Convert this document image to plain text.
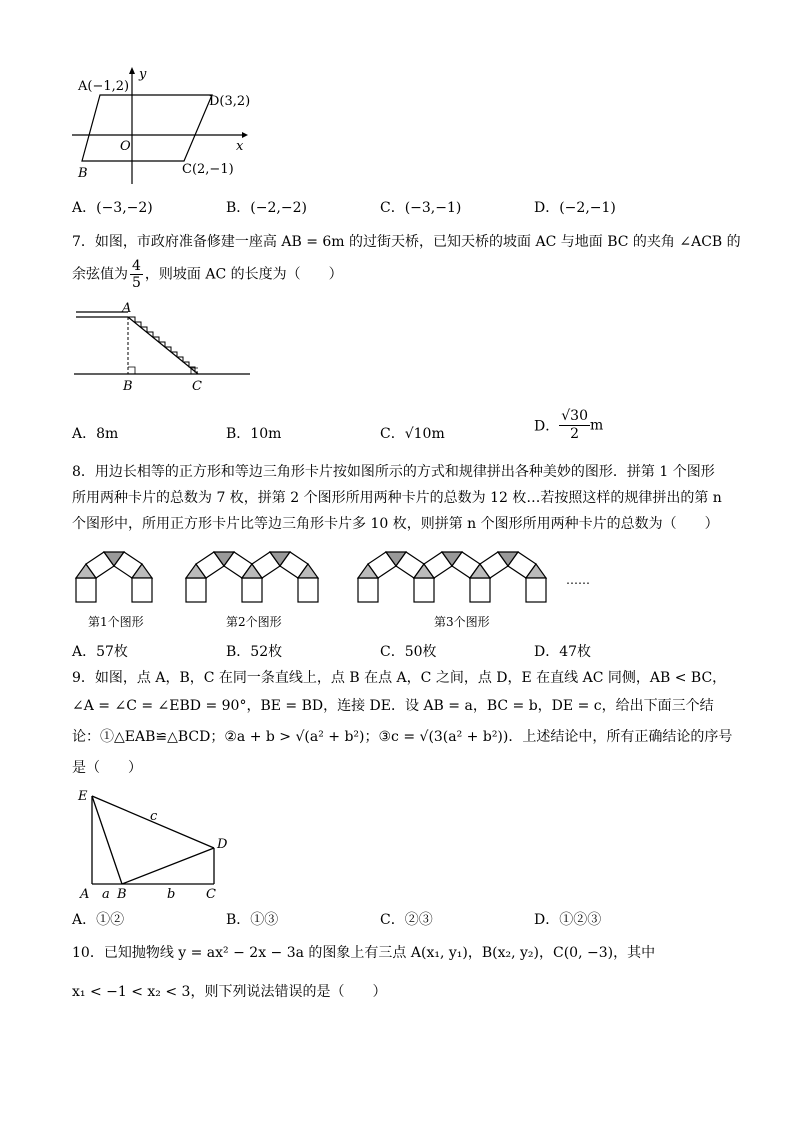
y
x
O
A(−1,2)
D(3,2)
B	C(2,−1)
A．(−3,−2)	B．(−2,−2)	C．(−3,−1)	D．(−2,−1)
7．如图，市政府准备修建一座高 AB = 6m 的过街天桥，已知天桥的坡面 AC 与地面 BC 的夹角 ∠ACB 的
余弦值为 $\frac{4}{5}$ ，则坡面 AC 的长度为（　　）
A
B	C
A．8m	B．10m	C．√10m	D． $\frac{√30}{2}$ m
8．用边长相等的正方形和等边三角形卡片按如图所示的方式和规律拼出各种美妙的图形．拼第 1 个图形
所用两种卡片的总数为 7 枚，拼第 2 个图形所用两种卡片的总数为 12 枚…若按照这样的规律拼出的第 n
个图形中，所用正方形卡片比等边三角形卡片多 10 枚，则拼第 n 个图形所用两种卡片的总数为（　　）
……
第1个图形	第2个图形	第3个图形
A．57枚	B．52枚	C．50枚	D．47枚
9．如图，点 A，B，C 在同一条直线上，点 B 在点 A，C 之间，点 D，E 在直线 AC 同侧，AB < BC，
∠A = ∠C = ∠EBD = 90°，BE = BD，连接 DE．设 AB = a，BC = b，DE = c，给出下面三个结
论：①△EAB≌△BCD；②a + b > √(a² + b²)；③c = √(3(a² + b²))．上述结论中，所有正确结论的序号
是（　　）
E
D
A B	C
a	b
c
A．①②	B．①③	C．②③	D．①②③
10．已知抛物线 y = ax² − 2x − 3a 的图象上有三点 A(x₁, y₁)，B(x₂, y₂)，C(0, −3)，其中
x₁ < −1 < x₂ < 3，则下列说法错误的是（　　）
